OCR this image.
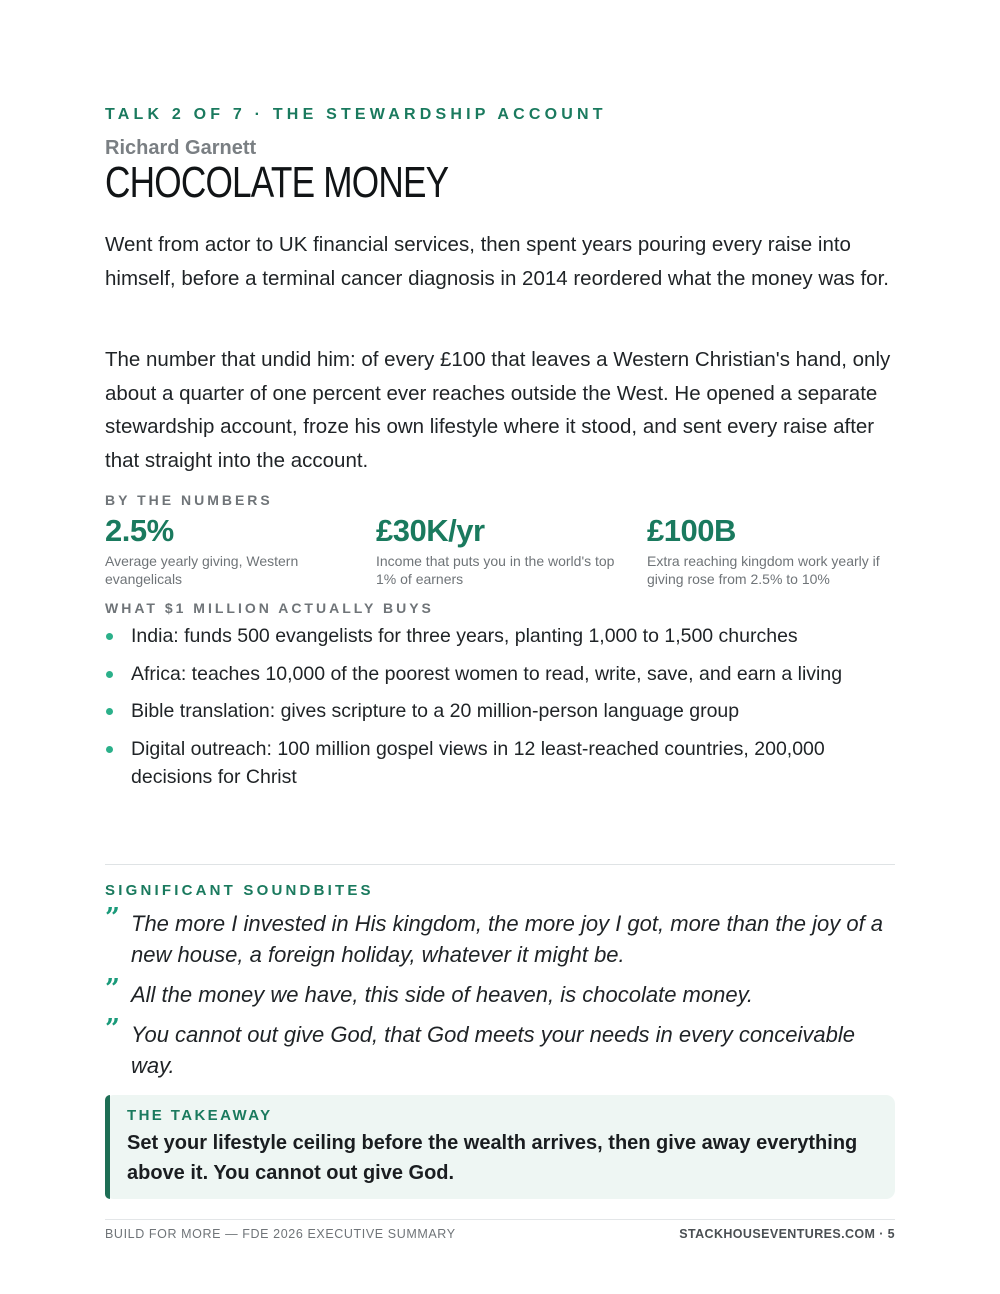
TALK 2 OF 7 · THE STEWARDSHIP ACCOUNT
Richard Garnett
CHOCOLATE MONEY

Went from actor to UK financial services, then spent years pouring every raise into himself, before a terminal cancer diagnosis in 2014 reordered what the money was for.

The number that undid him: of every £100 that leaves a Western Christian's hand, only about a quarter of one percent ever reaches outside the West. He opened a separate stewardship account, froze his own lifestyle where it stood, and sent every raise after that straight into the account.

BY THE NUMBERS
2.5%
Average yearly giving, Western evangelicals
£30K/yr
Income that puts you in the world's top 1% of earners
£100B
Extra reaching kingdom work yearly if giving rose from 2.5% to 10%
WHAT $1 MILLION ACTUALLY BUYS
India: funds 500 evangelists for three years, planting 1,000 to 1,500 churches
Africa: teaches 10,000 of the poorest women to read, write, save, and earn a living
Bible translation: gives scripture to a 20 million-person language group
Digital outreach: 100 million gospel views in 12 least-reached countries, 200,000 decisions for Christ
SIGNIFICANT SOUNDBITES
” The more I invested in His kingdom, the more joy I got, more than the joy of a new house, a foreign holiday, whatever it might be.
” All the money we have, this side of heaven, is chocolate money.
” You cannot out give God, that God meets your needs in every conceivable way.
THE TAKEAWAY
Set your lifestyle ceiling before the wealth arrives, then give away everything above it. You cannot out give God.
BUILD FOR MORE — FDE 2026 EXECUTIVE SUMMARY	STACKHOUSEVENTURES.COM · 5
